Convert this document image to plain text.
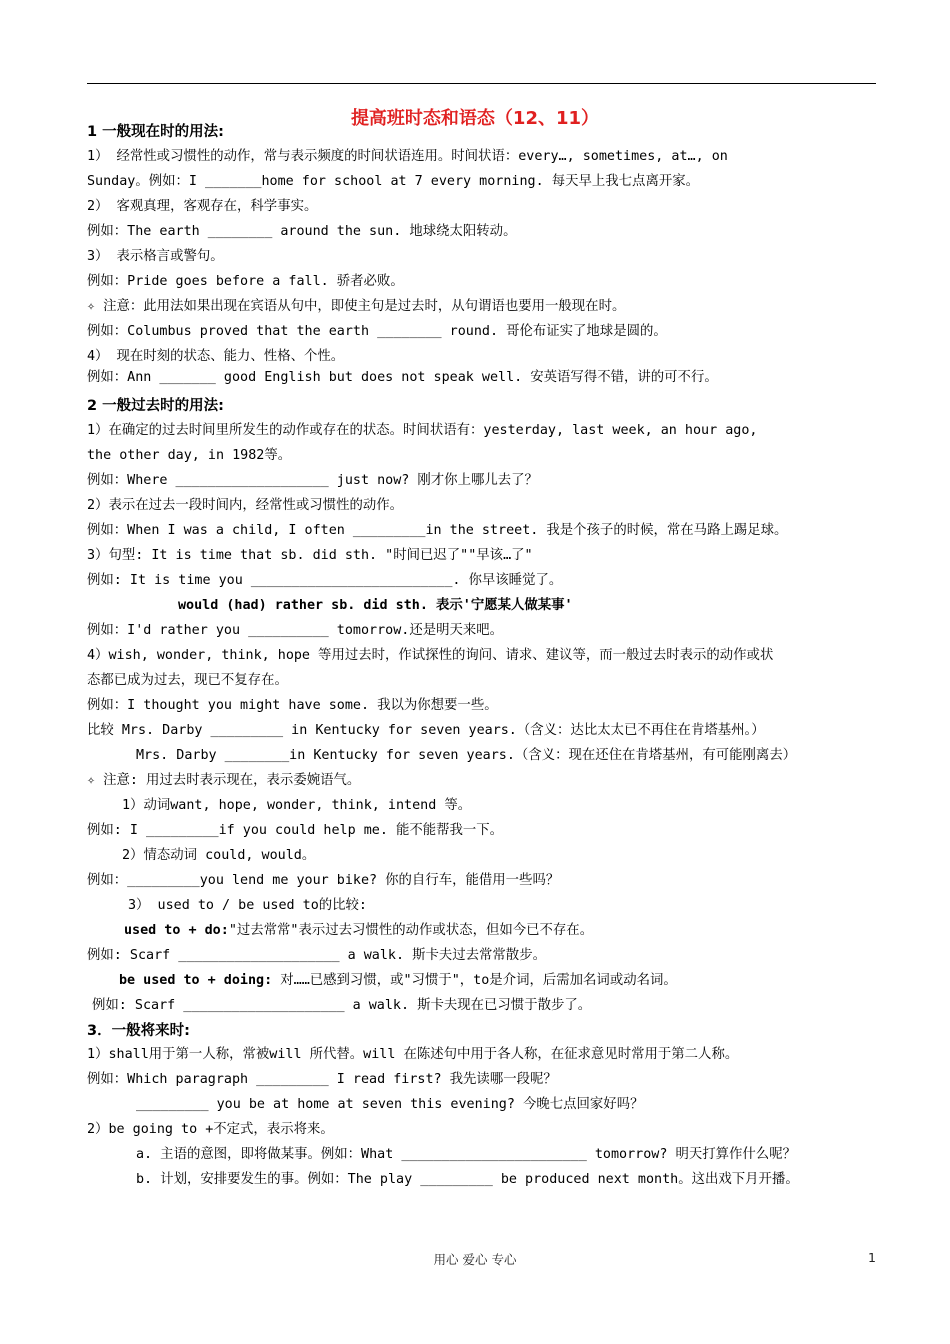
提高班时态和语态（12、11）
1 一般现在时的用法:
1） 经常性或习惯性的动作，常与表示频度的时间状语连用。时间状语：every…, sometimes, at…, on
Sunday。例如：I _______home for school at 7 every morning. 每天早上我七点离开家。
2） 客观真理，客观存在，科学事实。
例如：The earth ________ around the sun. 地球绕太阳转动。
3） 表示格言或警句。
例如：Pride goes before a fall. 骄者必败。
✧ 注意：此用法如果出现在宾语从句中，即使主句是过去时，从句谓语也要用一般现在时。
例如：Columbus proved that the earth ________ round. 哥伦布证实了地球是圆的。
4） 现在时刻的状态、能力、性格、个性。
例如：Ann _______ good English but does not speak well. 安英语写得不错，讲的可不行。
2 一般过去时的用法:
1）在确定的过去时间里所发生的动作或存在的状态。时间状语有：yesterday, last week, an hour ago,
the other day, in 1982等。
例如：Where ___________________ just now? 刚才你上哪儿去了？
2）表示在过去一段时间内，经常性或习惯性的动作。
例如：When I was a child, I often _________in the street. 我是个孩子的时候，常在马路上踢足球。
3）句型: It is time that sb. did sth. "时间已迟了""早该…了"
例如: It is time you _________________________. 你早该睡觉了。
would (had) rather sb. did sth. 表示'宁愿某人做某事'
例如：I'd rather you __________ tomorrow.还是明天来吧。
4）wish, wonder, think, hope 等用过去时，作试探性的询问、请求、建议等，而一般过去时表示的动作或状
态都已成为过去，现已不复存在。
例如：I thought you might have some. 我以为你想要一些。
比较 Mrs. Darby _________ in Kentucky for seven years.（含义：达比太太已不再住在肯塔基州。）
Mrs. Darby ________in Kentucky for seven years.（含义：现在还住在肯塔基州，有可能刚离去）
✧ 注意: 用过去时表示现在，表示委婉语气。
1）动词want, hope, wonder, think, intend 等。
例如: I _________if you could help me. 能不能帮我一下。
2）情态动词 could, would。
例如：_________you lend me your bike? 你的自行车，能借用一些吗？
3） used to / be used to的比较:
used to + do:"过去常常"表示过去习惯性的动作或状态，但如今已不存在。
例如: Scarf ____________________ a walk. 斯卡夫过去常常散步。
be used to + doing: 对……已感到习惯，或"习惯于"，to是介词，后需加名词或动名词。
例如: Scarf ____________________ a walk. 斯卡夫现在已习惯于散步了。
3．一般将来时:
1）shall用于第一人称，常被will 所代替。will 在陈述句中用于各人称，在征求意见时常用于第二人称。
例如：Which paragraph _________ I read first? 我先读哪一段呢？
_________ you be at home at seven this evening? 今晚七点回家好吗？
2）be going to +不定式，表示将来。
a. 主语的意图，即将做某事。例如：What _______________________ tomorrow? 明天打算作什么呢？
b. 计划，安排要发生的事。例如：The play _________ be produced next month。这出戏下月开播。
用心 爱心 专心	1
